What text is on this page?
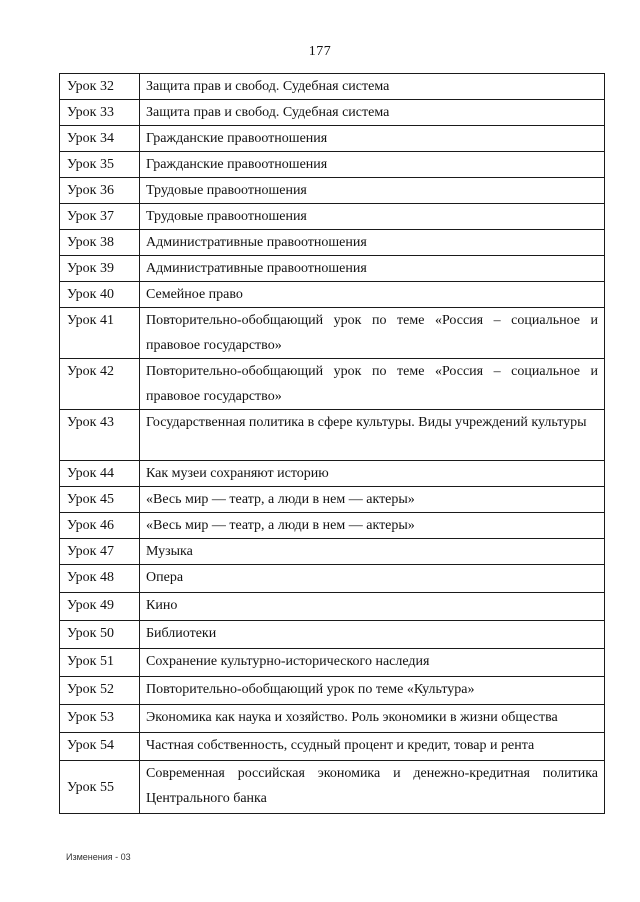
177
Урок 32	Защита прав и свобод. Судебная система
Урок 33	Защита прав и свобод. Судебная система
Урок 34	Гражданские правоотношения
Урок 35	Гражданские правоотношения
Урок 36	Трудовые правоотношения
Урок 37	Трудовые правоотношения
Урок 38	Административные правоотношения
Урок 39	Административные правоотношения
Урок 40	Семейное право
Урок 41	Повторительно-обобщающий урок по теме «Россия – социальное и правовое государство»
Урок 42	Повторительно-обобщающий урок по теме «Россия – социальное и правовое государство»
Урок 43	Государственная политика в сфере культуры. Виды учреждений культуры
Урок 44	Как музеи сохраняют историю
Урок 45	«Весь мир — театр, а люди в нем — актеры»
Урок 46	«Весь мир — театр, а люди в нем — актеры»
Урок 47	Музыка
Урок 48	Опера
Урок 49	Кино
Урок 50	Библиотеки
Урок 51	Сохранение культурно-исторического наследия
Урок 52	Повторительно-обобщающий урок по теме «Культура»
Урок 53	Экономика как наука и хозяйство. Роль экономики в жизни общества
Урок 54	Частная собственность, ссудный процент и кредит, товар и рента
Урок 55	Современная российская экономика и денежно-кредитная политика Центрального банка
Изменения - 03
